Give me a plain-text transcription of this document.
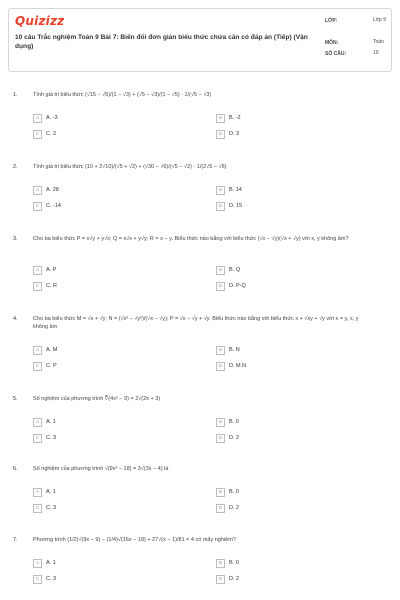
Quizizz
10 câu Trắc nghiệm Toán 9 Bài 7: Biến đổi đơn giản biểu thức chứa căn có đáp án (Tiếp) (Vận dụng)
LỚP:	Lớp 9
MÔN:	Toán
SỐ CÂU:	10
1.	Tính giá trị biểu thức (√15 − √5)/(1 − √3) + (√5 − √3)/(1 − √5) · 1/(√5 − √3)
A	A. -3	B	B. -2
C	C. 2	D	D. 3
2.	Tính giá trị biểu thức (10 + 2√10)/(√5 + √2) + (√30 − √6)/(√5 − √2) · 1/(2√5 − √6)
A	A. 28	B	B. 14
C	C. -14	D	D. 15
3.	Cho ba biểu thức P = x√y + y√x; Q = x√x + y√y; R = x − y. Biểu thức nào bằng với biểu thức (√x − √y)(√x + √y) với x, y không âm?
A	A. P	B	B. Q
C	C. R	D	D. P-Q
4.	Cho ba biểu thức M = √x + √y; N = (√x² − √y²)/(√x − √y); P = √x − √y + √y. Biểu thức nào bằng với biểu thức x + √xy + √y với x = y, x, y không âm
A	A. M	B	B. N
C	C. P	D	D. M.N
5.	Số nghiệm của phương trình ∛(4x² − 9) = 2√(2x + 3)
A	A. 1	B	B. 0
C	C. 3	D	D. 2
6.	Số nghiệm của phương trình √(9x² − 18) = 3√(3x − 4) là
A	A. 1	B	B. 0
C	C. 3	D	D. 2
7.	Phương trình (1/2)√(9x − 9) − (1/4)√(16x − 18) + 27√(x − 1)/81 = 4 có mấy nghiệm?
A	A. 1	B	B. 0
C	C. 3	D	D. 2
